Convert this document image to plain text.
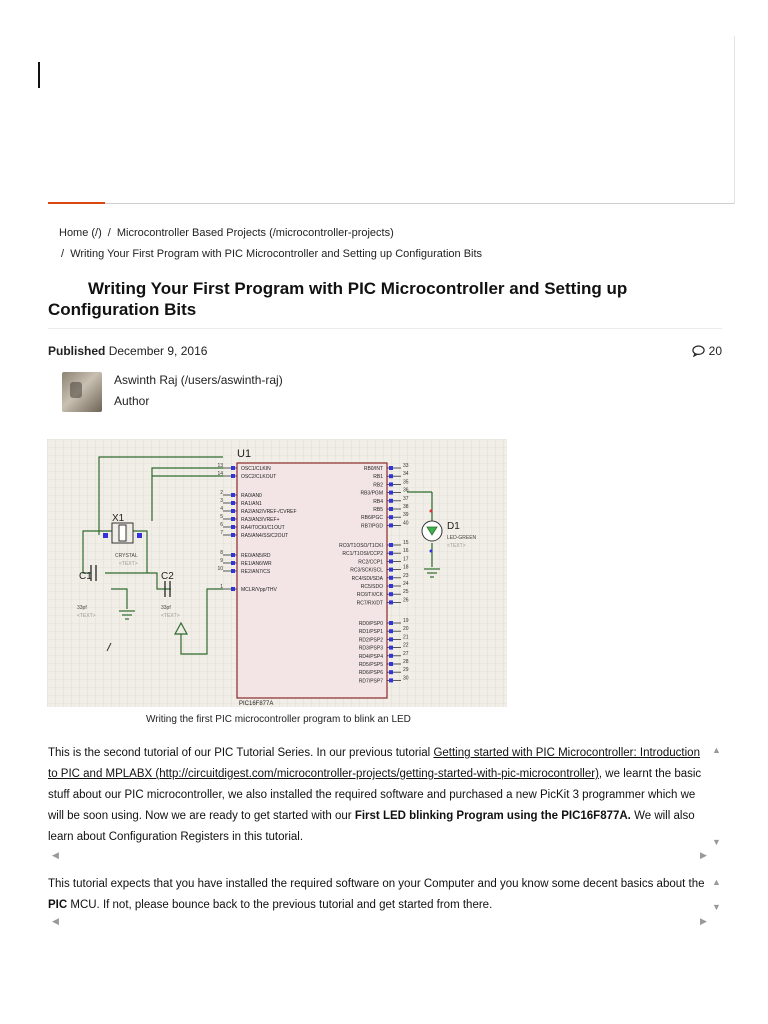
Home (/) / Microcontroller Based Projects (/microcontroller-projects)
/ Writing Your First Program with PIC Microcontroller and Setting up Configuration Bits
Writing Your First Program with PIC Microcontroller and Setting up Configuration Bits
Published December 9, 2016	20
Aswinth Raj (/users/aswinth-raj)
Author
U1
PIC16F877A
13	OSC1/CLKIN
14	OSC2/CLKOUT
2	RA0/AN0
3	RA1/AN1
4	RA2/AN2/VREF-/CVREF
5	RA3/AN3/VREF+
6	RA4/T0CKI/C1OUT
7	RA5/AN4/SS/C2OUT
8	RE0/AN5/RD
9	RE1/AN6/WR
10	RE2/AN7/CS
1	MCLR/Vpp/THV
33
RB0/INT
34
RB1
35
RB2
36
RB3/PGM
37
RB4
38
RB5
39
RB6/PGC
40
RB7/PGD
15
RC0/T1OSO/T1CKI
16
RC1/T1OSI/CCP2
17
RC2/CCP1
18
RC3/SCK/SCL
23
RC4/SDI/SDA
24
RC5/SDO
25
RC6/TX/CK
26
RC7/RX/DT
19
RD0/PSP0
20
RD1/PSP1
21
RD2/PSP2
22
RD3/PSP3
27
RD4/PSP4
28
RD5/PSP5
29
RD6/PSP6
30
RD7/PSP7
X1
CRYSTAL
<TEXT>
C1	C2
33pf	33pf
<TEXT>	<TEXT>
D1
LED-GREEN
<TEXT>
Writing the first PIC microcontroller program to blink an LED
This is the second tutorial of our PIC Tutorial Series. In our previous tutorial Getting started with PIC Microcontroller: Introduction to PIC and MPLABX (http://circuitdigest.com/microcontroller-projects/getting-started-with-pic-microcontroller), we learnt the basic stuff about our PIC microcontroller, we also installed the required software and purchased a new PicKit 3 programmer which we will be soon using. Now we are ready to get started with our First LED blinking Program using the PIC16F877A. We will also learn about Configuration Registers in this tutorial.
▲
▼
◀	▶
This tutorial expects that you have installed the required software on your Computer and you know some decent basics about the PIC MCU. If not, please bounce back to the previous tutorial and get started from there.
▲
▼
◀	▶
